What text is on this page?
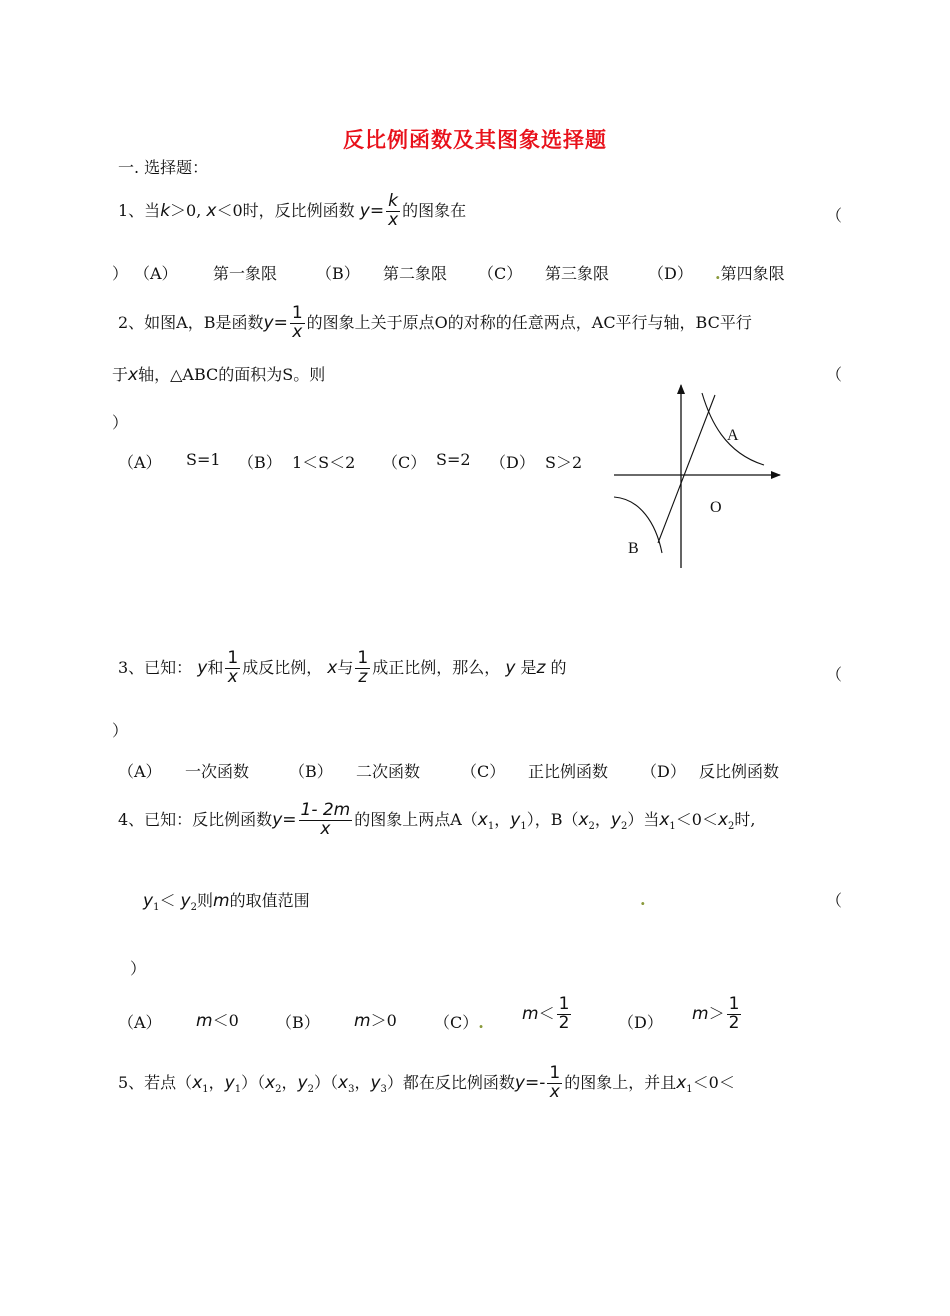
反比例函数及其图象选择题
一. 选择题：
1、当k＞0, x＜0时，反比例函数 $y= \frac{k}{x}$ 的图象在	（
） （A） 第一象限 （B） 第二象限 （C） 第三象限 （D） .第四象限
2、如图A，B是函数$y= \frac{1}{x}$ 的图象上关于原点O的对称的任意两点，AC平行与轴，BC平行
于x轴，△ABC的面积为S。则	（
）
（A） S=1 （B） 1＜S＜2 （C） S=2 （D） S＞2
A
O
B
3、已知： y和 $\frac{1}{x}$ 成反比例， x与 $\frac{1}{z}$ 成正比例，那么， y 是z 的	（
）
（A） 一次函数 （B） 二次函数	（C） 正比例函数 （D） 反比例函数
4、已知：反比例函数$y= \frac{1- 2m}{x}$ 的图象上两点$A(x_1$，$y_1$），$B(x_2$，$y_2$）当$x_1<0<x_2$时,
$y_1< y_2$则m的取值范围	.	（
）
（A） m＜0 （B） m＞0 （C）. $m< \frac{1}{2}$	（D） $m> \frac{1}{2}$
5、若点（$x_1$，$y_1)(x_2$，$y_2)(x_3$，$y_3$）都在反比例函数$y=- \frac{1}{x}$ 的图象上，并且$x_1<0<$
